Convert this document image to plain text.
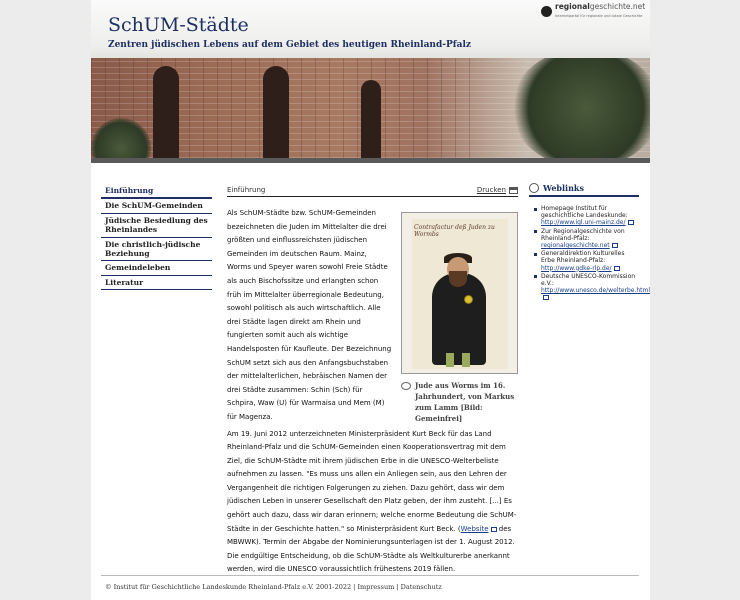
SchUM-Städte
Zentren jüdischen Lebens auf dem Gebiet des heutigen Rheinland-Pfalz
regionalgeschichte.net
Internetportal für regionale und lokale Geschichte
Einführung
Die SchUM-Gemeinden
Jüdische Besiedlung des Rheinlandes
Die christlich-jüdische Beziehung
Gemeindeleben
Literatur
Einführung	Drucken

Als SchUM-Städte bzw. SchUM-Gemeinden bezeichneten die Juden im Mittelalter die drei größten und einflussreichsten jüdischen Gemeinden im deutschen Raum. Mainz, Worms und Speyer waren sowohl Freie Städte als auch Bischofssitze und erlangten schon früh im Mittelalter überregionale Bedeutung, sowohl politisch als auch wirtschaftlich. Alle drei Städte lagen direkt am Rhein und fungierten somit auch als wichtige Handelsposten für Kaufleute. Der Bezeichnung SchUM setzt sich aus den Anfangsbuchstaben der mittelalterlichen, hebräischen Namen der drei Städte zusammen: Schin (Sch) für Schpira, Waw (U) für Warmaisa und Mem (M) für Magenza.

Am 19. Juni 2012 unterzeichneten Ministerpräsident Kurt Beck für das Land Rheinland-Pfalz und die SchUM-Gemeinden einen Kooperationsvertrag mit dem Ziel, die SchUM-Städte mit ihrem jüdischen Erbe in die UNESCO-Welterbeliste aufnehmen zu lassen. "Es muss uns allen ein Anliegen sein, aus den Lehren der Vergangenheit die richtigen Folgerungen zu ziehen. Dazu gehört, dass wir dem jüdischen Leben in unserer Gesellschaft den Platz geben, der ihm zusteht. [...] Es gehört auch dazu, dass wir daran erinnern; welche enorme Bedeutung die SchUM-Städte in der Geschichte hatten." so Ministerpräsident Kurt Beck. (Website des MBWWK). Termin der Abgabe der Nominierungsunterlagen ist der 1. August 2012. Die endgültige Entscheidung, ob die SchUM-Städte als Weltkulturerbe anerkannt werden, wird die UNESCO voraussichtlich frühestens 2019 fällen.

Contrafactur deß Juden zu Wormbs
Jude aus Worms im 16. Jahrhundert, von Markus zum Lamm [Bild: Gemeinfrei]
Weblinks
Homepage Institut für geschichtliche Landeskunde: http://www.igl.uni-mainz.de/
Zur Regionalgeschichte von Rheinland-Pfalz: regionalgeschichte.net
Generaldirektion Kulturelles Erbe Rheinland-Pfalz: http://www.gdke-rlp.de/
Deutsche UNESCO-Kommission e.V.: http://www.unesco.de/welterbe.html
© Institut für Geschichtliche Landeskunde Rheinland-Pfalz e.V. 2001-2022 | Impressum | Datenschutz
